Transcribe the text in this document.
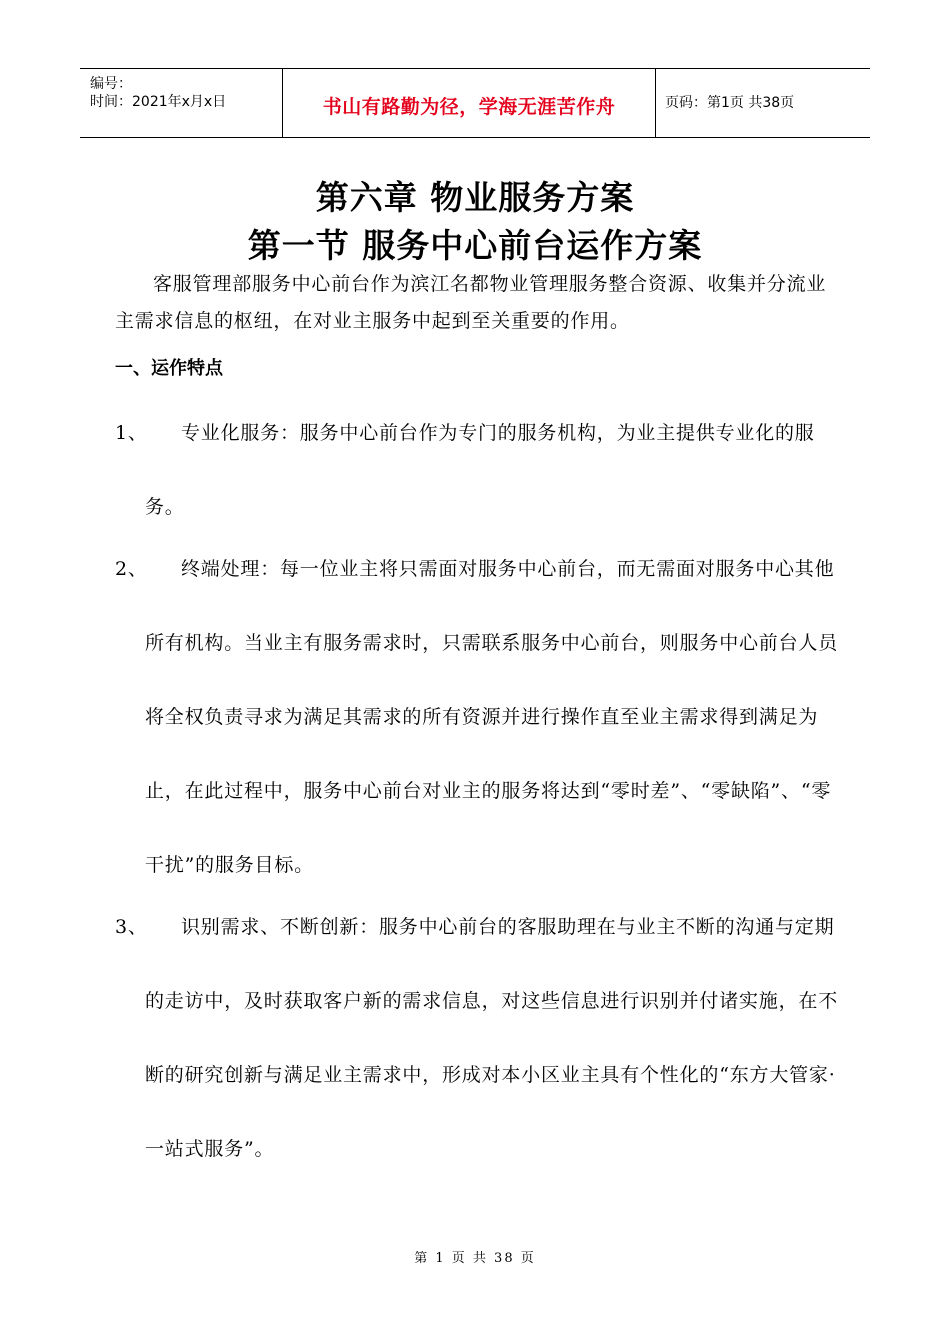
编号：
时间：2021年x月x日	书山有路勤为径，学海无涯苦作舟	页码：第1页 共38页
第六章 物业服务方案
第一节 服务中心前台运作方案
客服管理部服务中心前台作为滨江名都物业管理服务整合资源、收集并分流业主需求信息的枢纽，在对业主服务中起到至关重要的作用。
一、运作特点
1、	专业化服务：服务中心前台作为专门的服务机构，为业主提供专业化的服务。
2、	终端处理：每一位业主将只需面对服务中心前台，而无需面对服务中心其他所有机构。当业主有服务需求时，只需联系服务中心前台，则服务中心前台人员将全权负责寻求为满足其需求的所有资源并进行操作直至业主需求得到满足为止，在此过程中，服务中心前台对业主的服务将达到“零时差”、“零缺陷”、“零干扰”的服务目标。
3、	识别需求、不断创新：服务中心前台的客服助理在与业主不断的沟通与定期的走访中，及时获取客户新的需求信息，对这些信息进行识别并付诸实施，在不断的研究创新与满足业主需求中，形成对本小区业主具有个性化的“东方大管家·一站式服务”。
第 1 页 共 38 页
